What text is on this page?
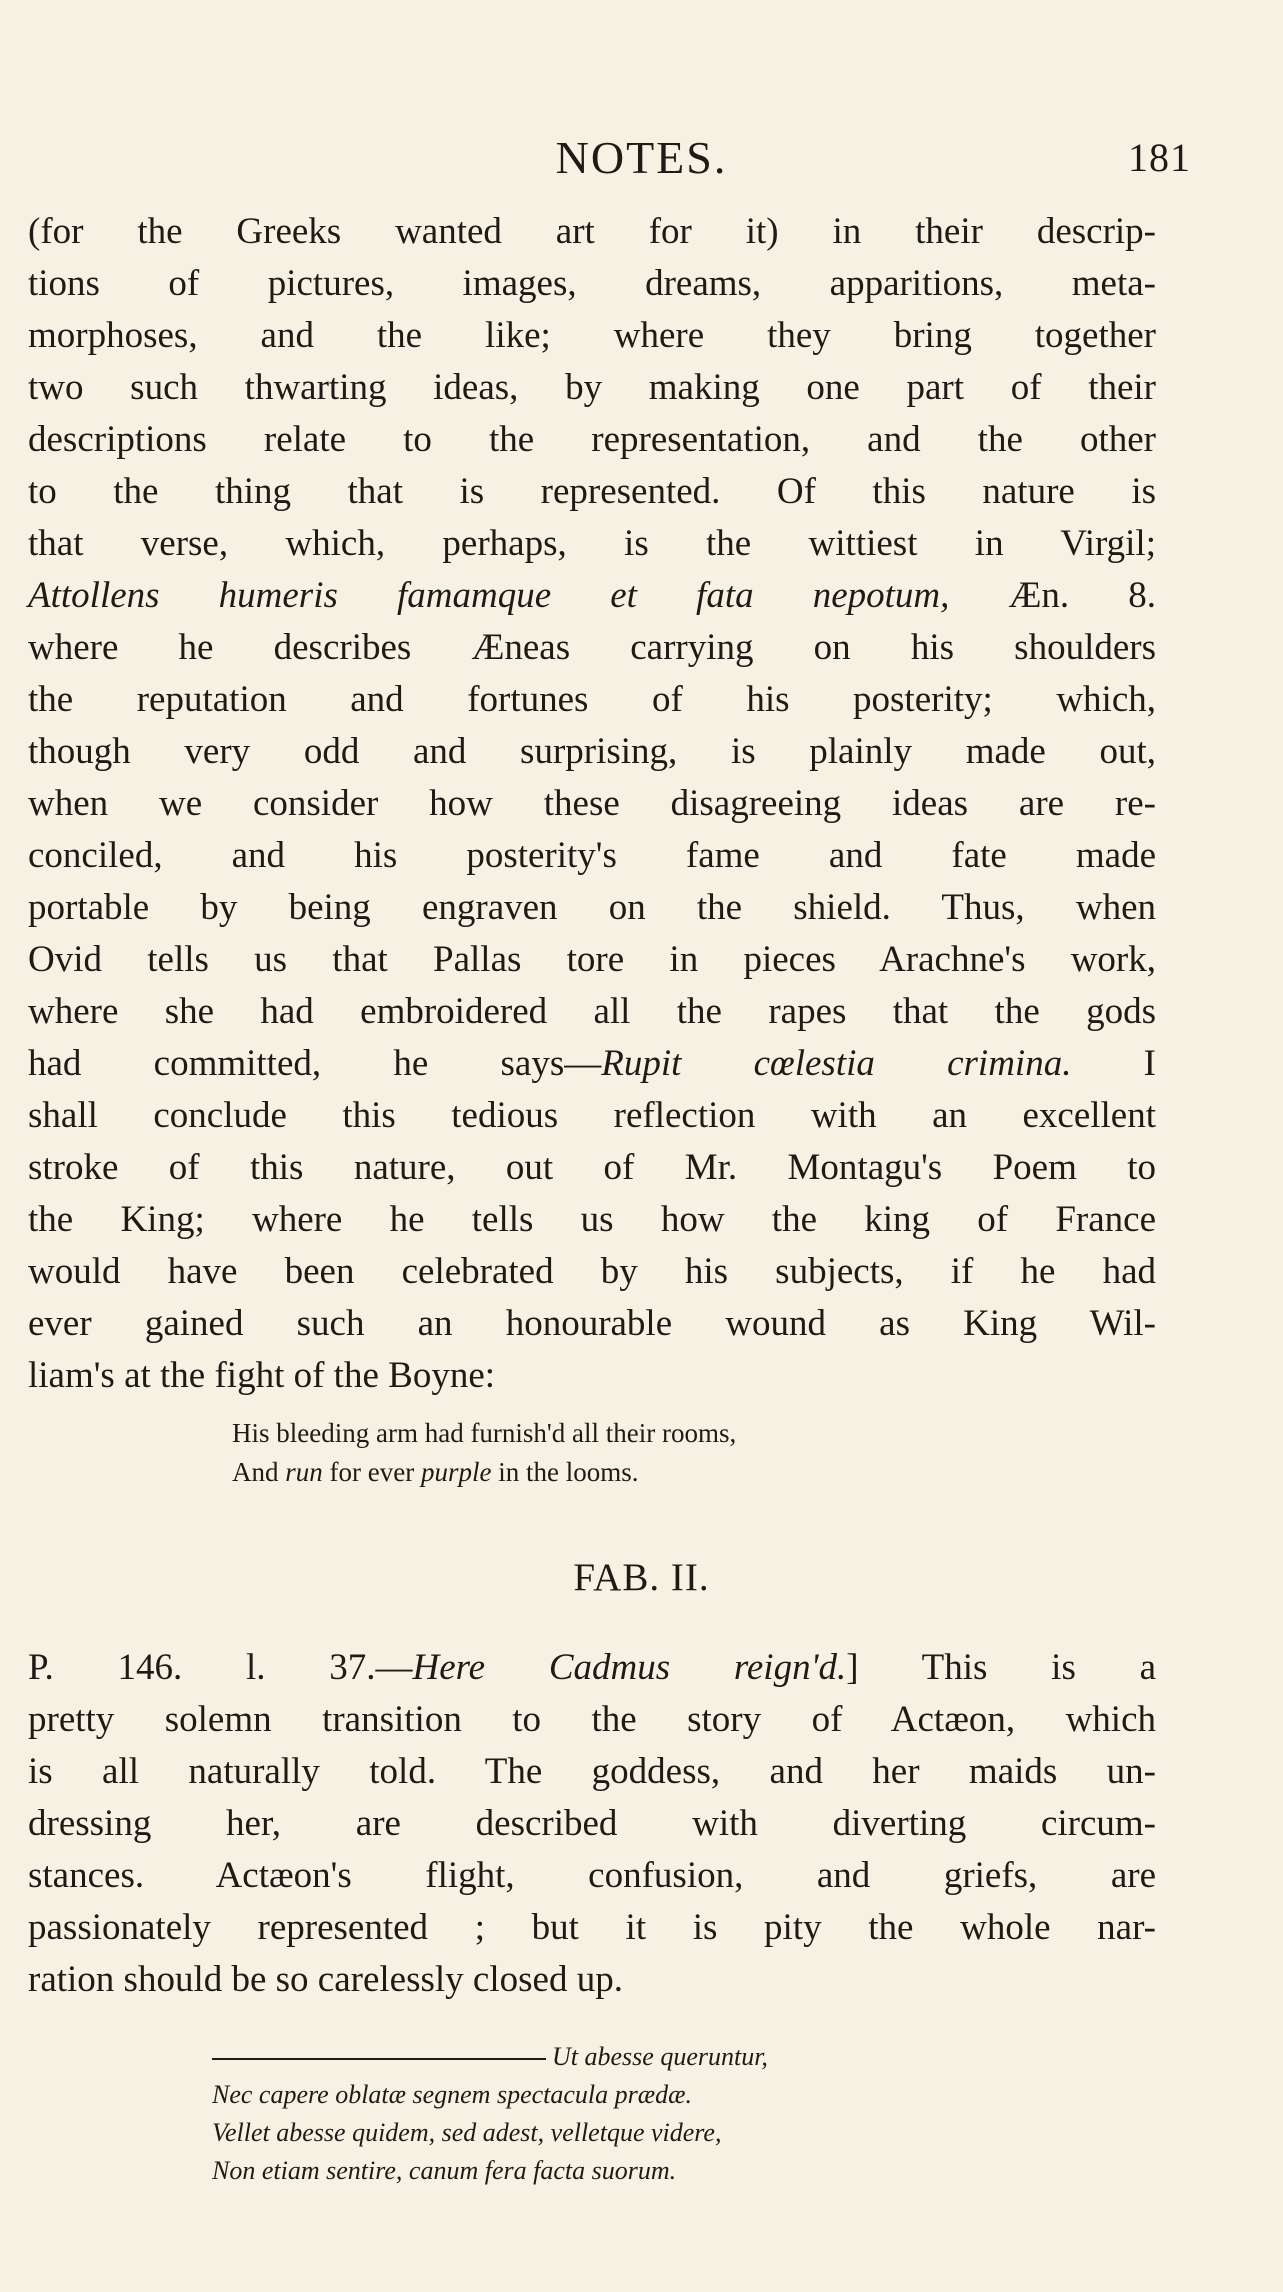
NOTES.	181
(for the Greeks wanted art for it) in their descrip-
tions of pictures, images, dreams, apparitions, meta-
morphoses, and the like; where they bring together
two such thwarting ideas, by making one part of their
descriptions relate to the representation, and the other
to the thing that is represented. Of this nature is
that verse, which, perhaps, is the wittiest in Virgil;
Attollens humeris famamque et fata nepotum, Æn. 8.
where he describes Æneas carrying on his shoulders
the reputation and fortunes of his posterity; which,
though very odd and surprising, is plainly made out,
when we consider how these disagreeing ideas are re-
conciled, and his posterity's fame and fate made
portable by being engraven on the shield. Thus, when
Ovid tells us that Pallas tore in pieces Arachne's work,
where she had embroidered all the rapes that the gods
had committed, he says—Rupit cœlestia crimina. I
shall conclude this tedious reflection with an excellent
stroke of this nature, out of Mr. Montagu's Poem to
the King; where he tells us how the king of France
would have been celebrated by his subjects, if he had
ever gained such an honourable wound as King Wil-
liam's at the fight of the Boyne:
His bleeding arm had furnish'd all their rooms,
And run for ever purple in the looms.
FAB. II.
P. 146. l. 37.—Here Cadmus reign'd.] This is a
pretty solemn transition to the story of Actæon, which
is all naturally told. The goddess, and her maids un-
dressing her, are described with diverting circum-
stances. Actæon's flight, confusion, and griefs, are
passionately represented ; but it is pity the whole nar-
ration should be so carelessly closed up.
Ut abesse queruntur,
Nec capere oblatæ segnem spectacula prædæ.
Vellet abesse quidem, sed adest, velletque videre,
Non etiam sentire, canum fera facta suorum.
